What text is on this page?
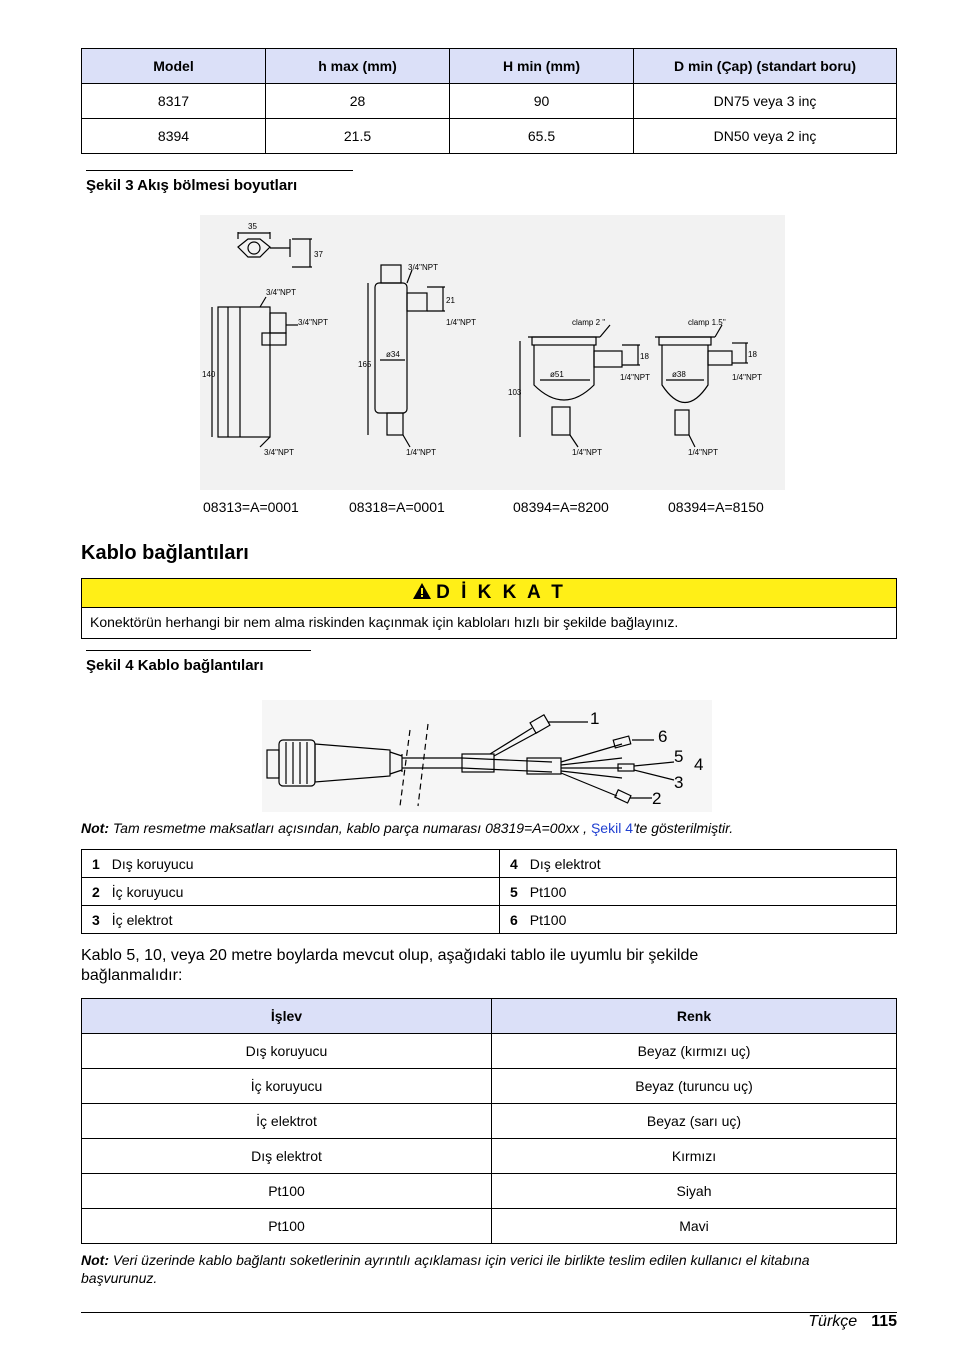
Model	h max (mm)	H min (mm)	D min (Çap) (standart boru)
8317	28	90	DN75 veya 3 inç
8394	21.5	65.5	DN50 veya 2 inç
Şekil 3 Akış bölmesi boyutları
35
37
3/4"NPT
3/4"NPT
140
3/4"NPT
3/4"NPT
21
1/4"NPT
165
ø34
1/4"NPT
clamp 2 ''
18
1/4"NPT
103
ø51
1/4"NPT
clamp 1.5''
18
1/4"NPT
ø38
1/4"NPT
08313=A=0001	08318=A=0001	08394=A=8200	08394=A=8150
Kablo bağlantıları
D İ K K A T
Konektörün herhangi bir nem alma riskinden kaçınmak için kabloları hızlı bir şekilde bağlayınız.
Şekil 4 Kablo bağlantıları
1
6
5 4
3
2
Not: Tam resmetme maksatları açısından, kablo parça numarası 08319=A=00xx , Şekil 4'te gösterilmiştir.
1 Dış koruyucu	4 Dış elektrot
2 İç koruyucu	5 Pt100
3 İç elektrot	6 Pt100
Kablo 5, 10, veya 20 metre boylarda mevcut olup, aşağıdaki tablo ile uyumlu bir şekilde bağlanmalıdır:
İşlev	Renk
Dış koruyucu	Beyaz (kırmızı uç)
İç koruyucu	Beyaz (turuncu uç)
İç elektrot	Beyaz (sarı uç)
Dış elektrot	Kırmızı
Pt100	Siyah
Pt100	Mavi
Not: Veri üzerinde kablo bağlantı soketlerinin ayrıntılı açıklaması için verici ile birlikte teslim edilen kullanıcı el kitabına başvurunuz.
Türkçe 115
